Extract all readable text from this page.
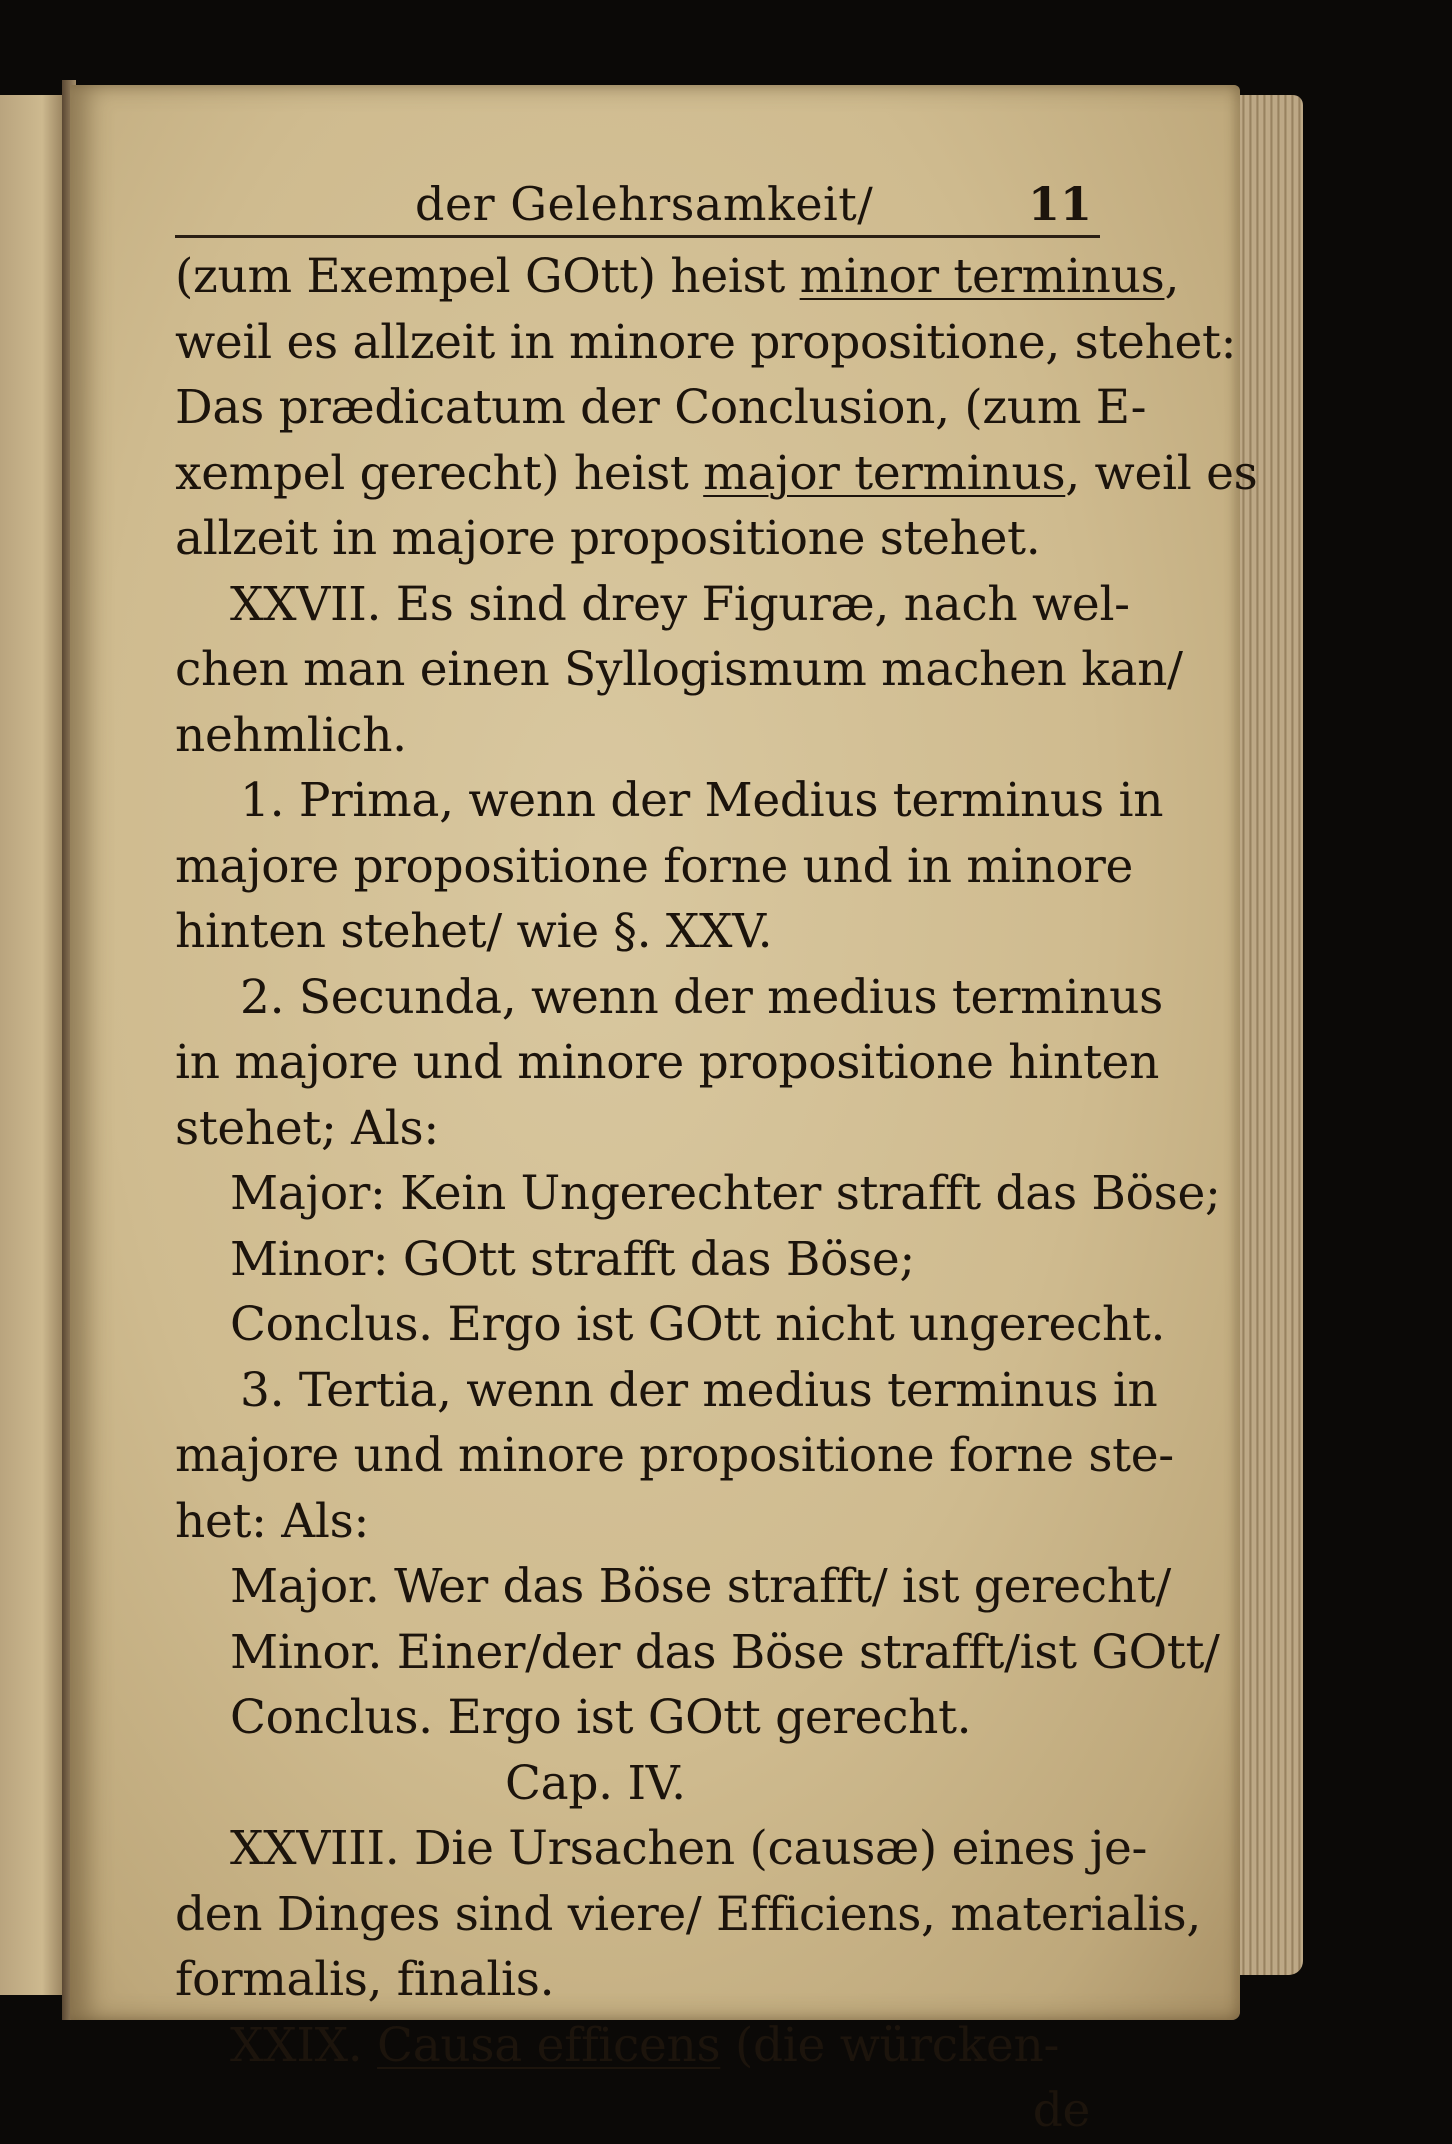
der Gelehrsamkeit/	11
(zum Exempel GOtt) heist minor terminus,
weil es allzeit in minore propositione, stehet:
Das prædicatum der Conclusion, (zum E-
xempel gerecht) heist major terminus, weil es
allzeit in majore propositione stehet.
XXVII. Es sind drey Figuræ, nach wel-
chen man einen Syllogismum machen kan/
nehmlich.
1. Prima, wenn der Medius terminus in
majore propositione forne und in minore
hinten stehet/ wie §. XXV.
2. Secunda, wenn der medius terminus
in majore und minore propositione hinten
stehet; Als:
Major: Kein Ungerechter strafft das Böse;
Minor: GOtt strafft das Böse;
Conclus. Ergo ist GOtt nicht ungerecht.
3. Tertia, wenn der medius terminus in
majore und minore propositione forne ste-
het: Als:
Major. Wer das Böse strafft/ ist gerecht/
Minor. Einer/der das Böse strafft/ist GOtt/
Conclus. Ergo ist GOtt gerecht.
Cap. IV.
XXVIII. Die Ursachen (causæ) eines je-
den Dinges sind viere/ Efficiens, materialis,
formalis, finalis.
XXIX. Causa efficens (die würcken-
de
